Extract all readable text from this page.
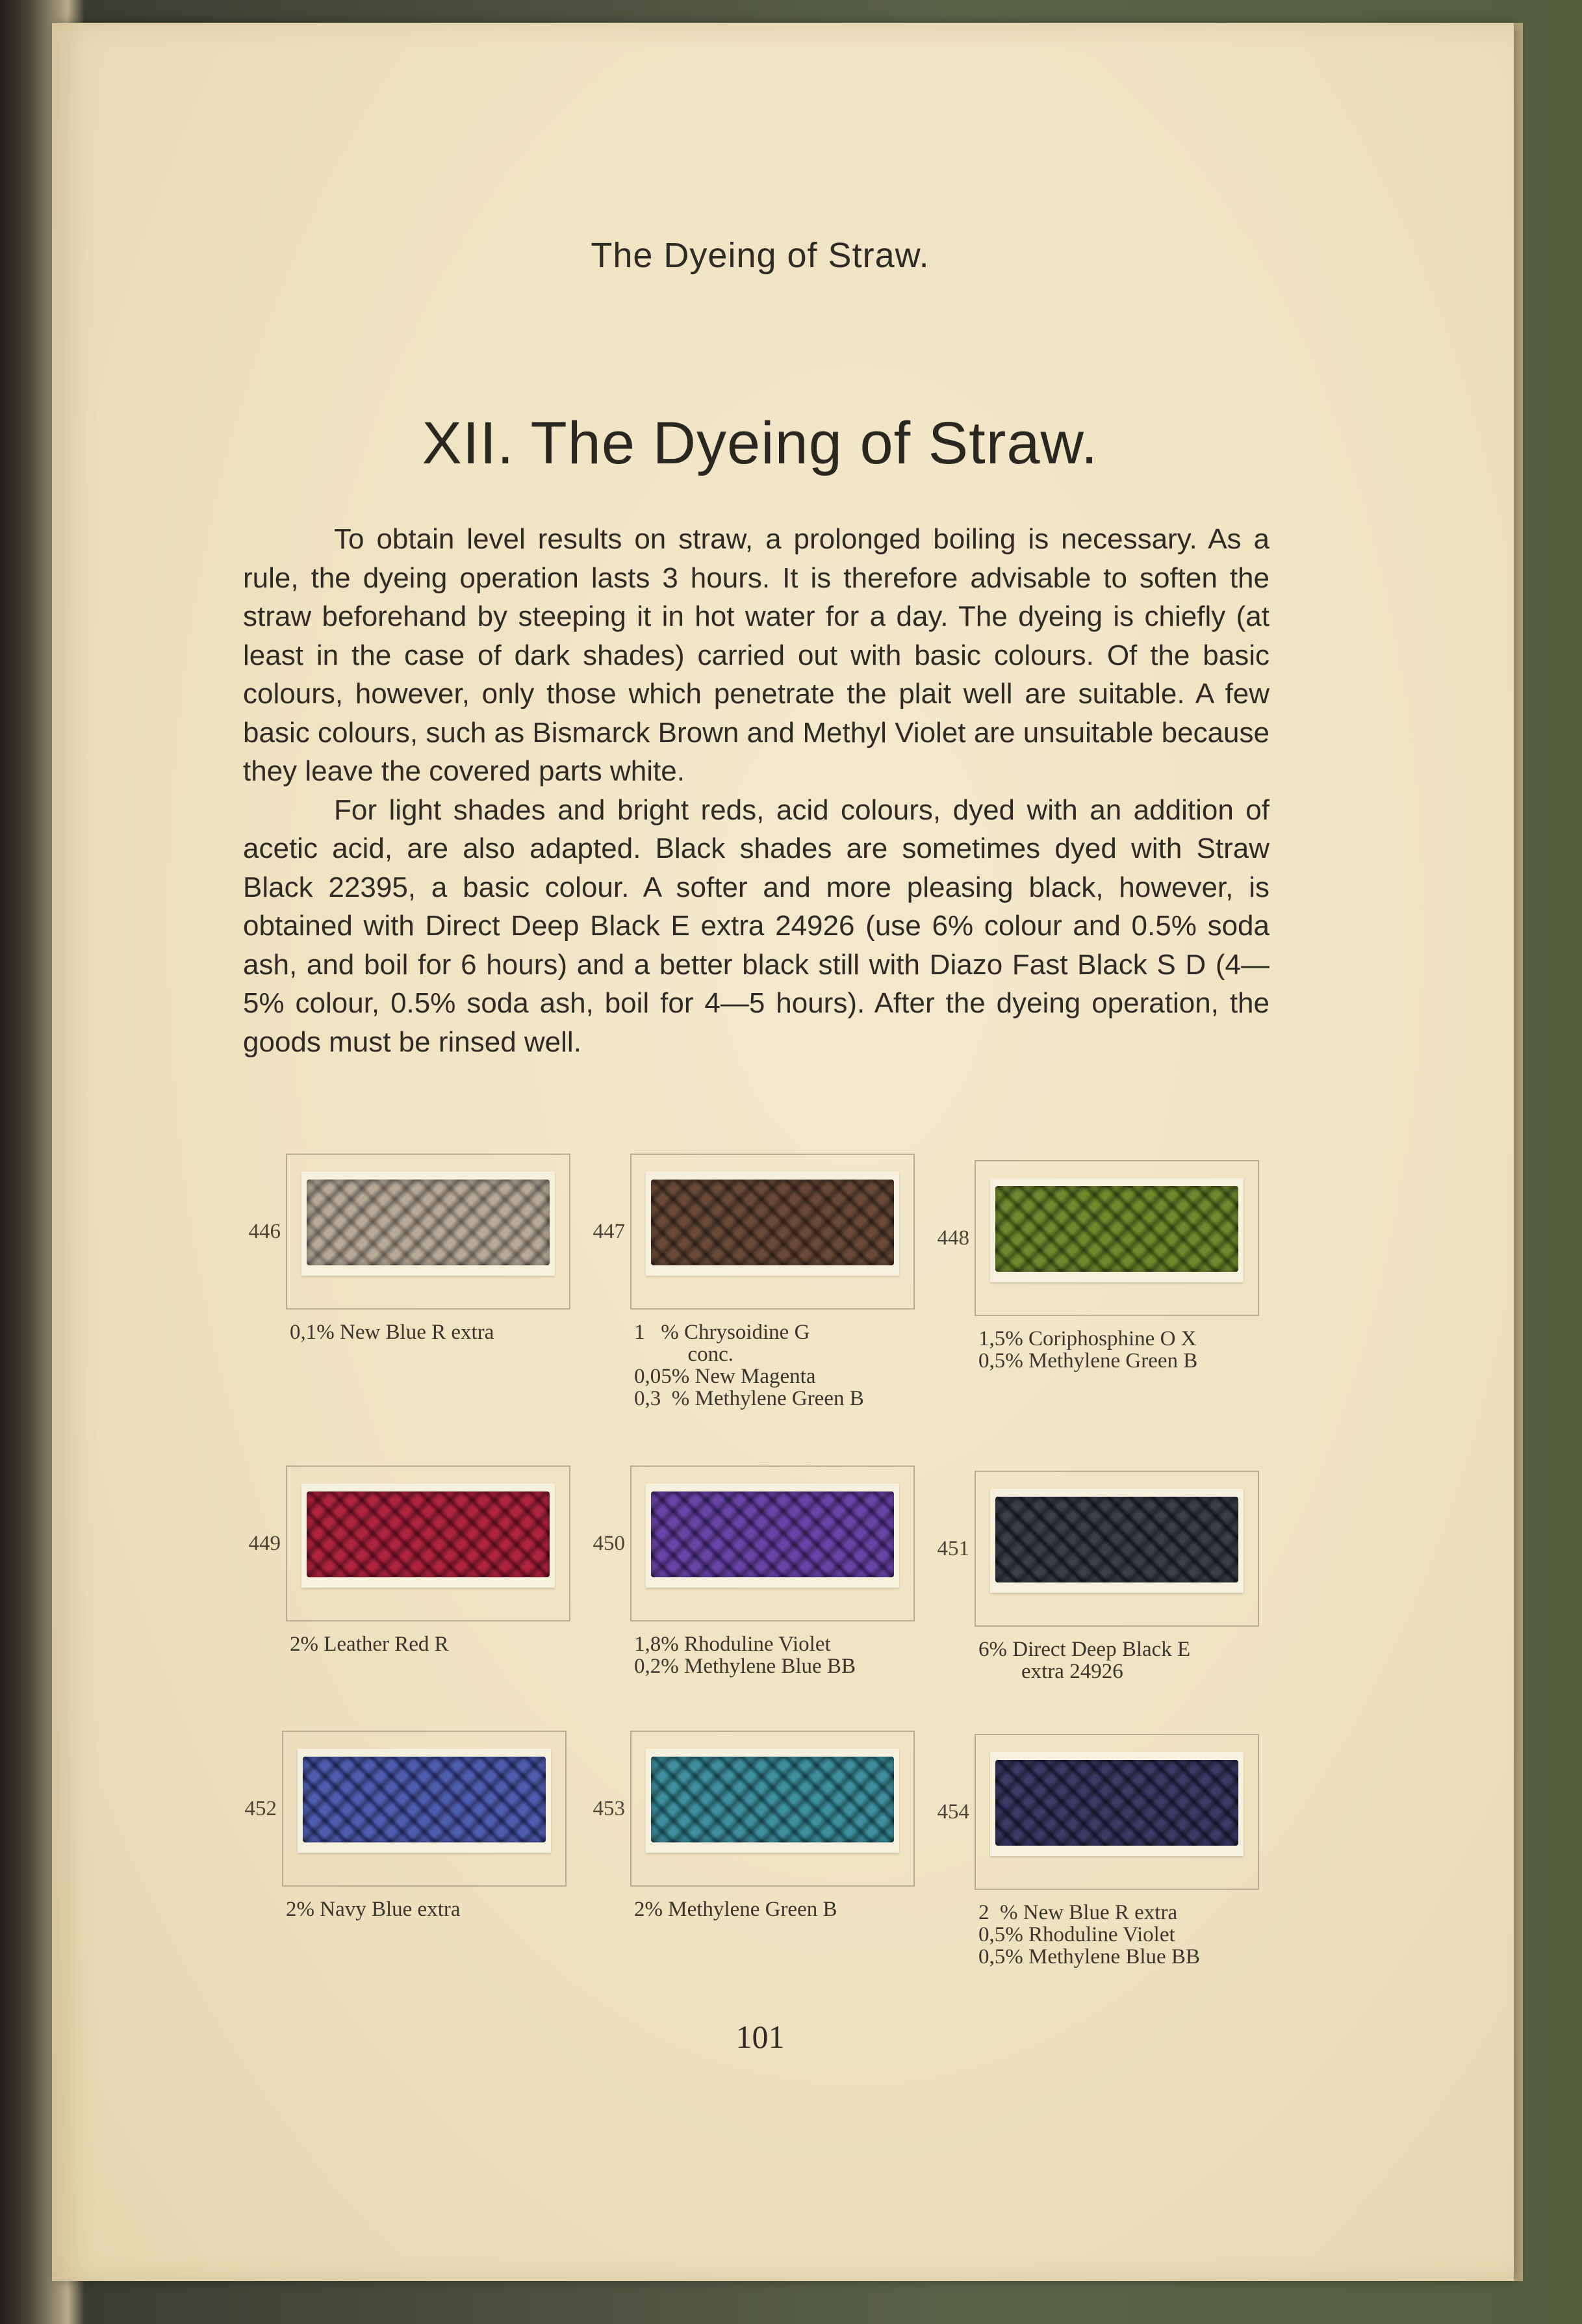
The Dyeing of Straw.
XII. The Dyeing of Straw.

To obtain level results on straw, a prolonged boiling is necessary. As a rule, the dyeing operation lasts 3 hours. It is therefore advisable to soften the straw beforehand by steeping it in hot water for a day. The dyeing is chiefly (at least in the case of dark shades) carried out with basic colours. Of the basic colours, however, only those which penetrate the plait well are suitable. A few basic colours, such as Bismarck Brown and Methyl Violet are unsuitable because they leave the covered parts white.

For light shades and bright reds, acid colours, dyed with an addition of acetic acid, are also adapted. Black shades are sometimes dyed with Straw Black 22395, a basic colour. A softer and more pleasing black, however, is obtained with Direct Deep Black E extra 24926 (use 6% colour and 0.5% soda ash, and boil for 6 hours) and a better black still with Diazo Fast Black S D (4—5% colour, 0.5% soda ash, boil for 4—5 hours). After the dyeing operation, the goods must be rinsed well.

446
0,1% New Blue R extra
447
1   % Chrysoidine G
conc.
0,05% New Magenta
0,3  % Methylene Green B
448
1,5% Coriphosphine O X
0,5% Methylene Green B
449
2% Leather Red R
450
1,8% Rhoduline Violet
0,2% Methylene Blue BB
451
6% Direct Deep Black E
extra 24926
452
2% Navy Blue extra
453
2% Methylene Green B
454
2  % New Blue R extra
0,5% Rhoduline Violet
0,5% Methylene Blue BB
101
